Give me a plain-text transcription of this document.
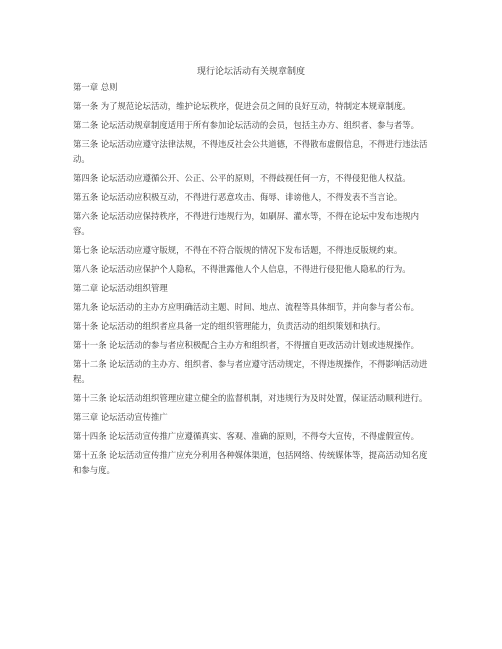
现行论坛活动有关规章制度

第一章 总则

第一条 为了规范论坛活动，维护论坛秩序，促进会员之间的良好互动，特制定本规章制度。

第二条 论坛活动规章制度适用于所有参加论坛活动的会员，包括主办方、组织者、参与者等。

第三条 论坛活动应遵守法律法规，不得违反社会公共道德，不得散布虚假信息，不得进行违法活动。

第四条 论坛活动应遵循公开、公正、公平的原则，不得歧视任何一方，不得侵犯他人权益。

第五条 论坛活动应积极互动，不得进行恶意攻击、侮辱、诽谤他人，不得发表不当言论。

第六条 论坛活动应保持秩序，不得进行违规行为，如刷屏、灌水等，不得在论坛中发布违规内容。

第七条 论坛活动应遵守版规，不得在不符合版规的情况下发布话题，不得违反版规约束。

第八条 论坛活动应保护个人隐私，不得泄露他人个人信息，不得进行侵犯他人隐私的行为。

第二章 论坛活动组织管理

第九条 论坛活动的主办方应明确活动主题、时间、地点、流程等具体细节，并向参与者公布。

第十条 论坛活动的组织者应具备一定的组织管理能力，负责活动的组织策划和执行。

第十一条 论坛活动的参与者应积极配合主办方和组织者，不得擅自更改活动计划或违规操作。

第十二条 论坛活动的主办方、组织者、参与者应遵守活动规定，不得违规操作，不得影响活动进程。

第十三条 论坛活动组织管理应建立健全的监督机制，对违规行为及时处置，保证活动顺利进行。

第三章 论坛活动宣传推广

第十四条 论坛活动宣传推广应遵循真实、客观、准确的原则，不得夸大宣传，不得虚假宣传。

第十五条 论坛活动宣传推广应充分利用各种媒体渠道，包括网络、传统媒体等，提高活动知名度和参与度。
